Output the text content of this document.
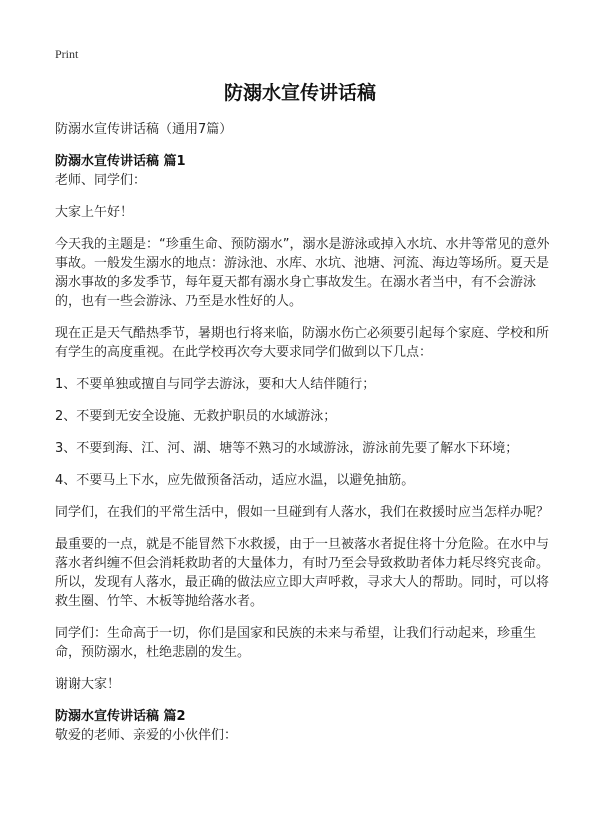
Print
防溺水宣传讲话稿

防溺水宣传讲话稿（通用7篇）

防溺水宣传讲话稿 篇1

老师、同学们：

大家上午好！

今天我的主题是：“珍重生命、预防溺水”，溺水是游泳或掉入水坑、水井等常见的意外事故。一般发生溺水的地点：游泳池、水库、水坑、池塘、河流、海边等场所。夏天是溺水事故的多发季节，每年夏天都有溺水身亡事故发生。在溺水者当中，有不会游泳的，也有一些会游泳、乃至是水性好的人。

现在正是天气酷热季节，暑期也行将来临，防溺水伤亡必须要引起每个家庭、学校和所有学生的高度重视。在此学校再次夸大要求同学们做到以下几点：

1、不要单独或擅自与同学去游泳，要和大人结伴随行；

2、不要到无安全设施、无救护职员的水域游泳；

3、不要到海、江、河、湖、塘等不熟习的水域游泳，游泳前先要了解水下环境；

4、不要马上下水，应先做预备活动，适应水温，以避免抽筋。

同学们，在我们的平常生活中，假如一旦碰到有人落水，我们在救援时应当怎样办呢？

最重要的一点，就是不能冒然下水救援，由于一旦被落水者捉住将十分危险。在水中与落水者纠缠不但会消耗救助者的大量体力，有时乃至会导致救助者体力耗尽终究丧命。所以，发现有人落水，最正确的做法应立即大声呼救，寻求大人的帮助。同时，可以将救生圈、竹竿、木板等抛给落水者。

同学们：生命高于一切，你们是国家和民族的未来与希望，让我们行动起来，珍重生命，预防溺水，杜绝悲剧的发生。

谢谢大家！

防溺水宣传讲话稿 篇2

敬爱的老师、亲爱的小伙伴们：
